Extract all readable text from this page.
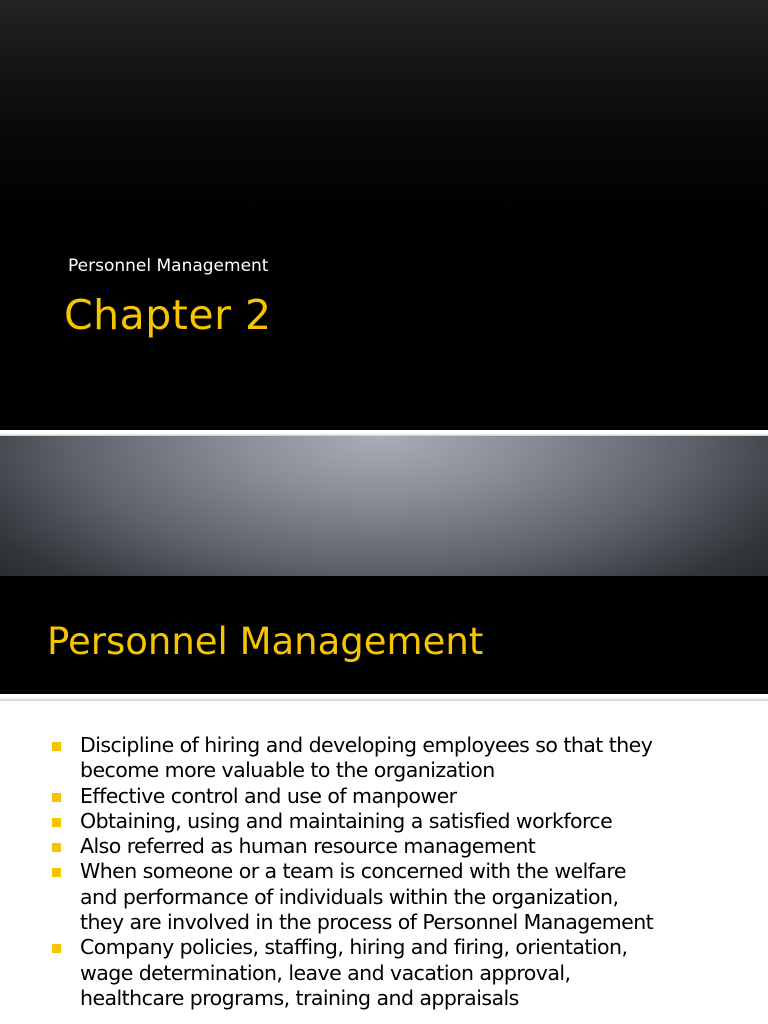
Personnel Management
Chapter 2
Personnel Management
Discipline of hiring and developing employees so that they
become more valuable to the organization
Effective control and use of manpower
Obtaining, using and maintaining a satisfied workforce
Also referred as human resource management
When someone or a team is concerned with the welfare
and performance of individuals within the organization,
they are involved in the process of Personnel Management
Company policies, staffing, hiring and firing, orientation,
wage determination, leave and vacation approval,
healthcare programs, training and appraisals
